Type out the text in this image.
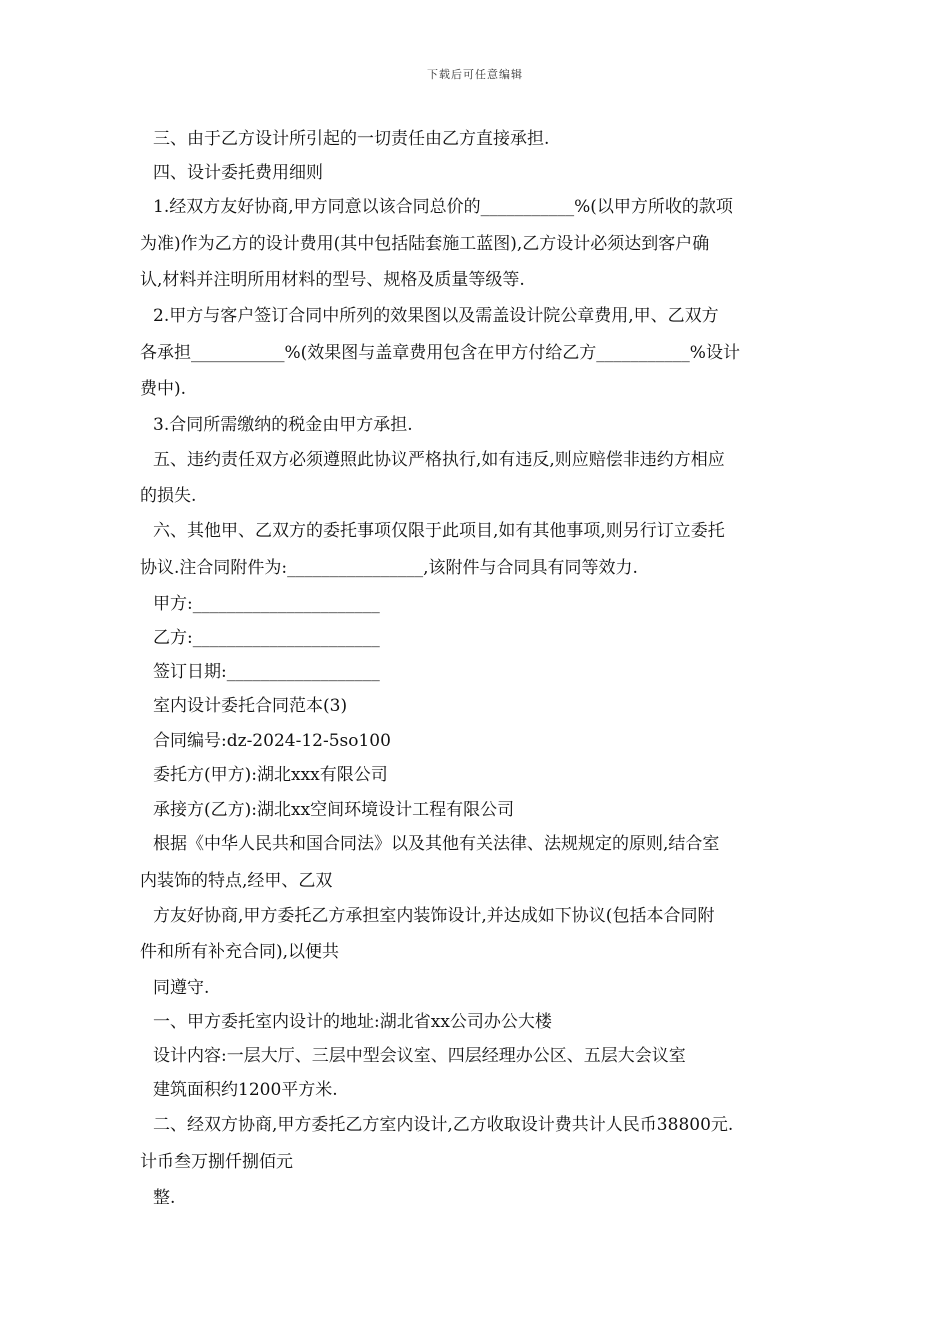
下载后可任意编辑
三、由于乙方设计所引起的一切责任由乙方直接承担.
四、设计委托费用细则
1.经双方友好协商,甲方同意以该合同总价的___________%(以甲方所收的款项
为准)作为乙方的设计费用(其中包括陆套施工蓝图),乙方设计必须达到客户确
认,材料并注明所用材料的型号、规格及质量等级等.
2.甲方与客户签订合同中所列的效果图以及需盖设计院公章费用,甲、乙双方
各承担___________%(效果图与盖章费用包含在甲方付给乙方___________%设计
费中).
3.合同所需缴纳的税金由甲方承担.
五、违约责任双方必须遵照此协议严格执行,如有违反,则应赔偿非违约方相应
的损失.
六、其他甲、乙双方的委托事项仅限于此项目,如有其他事项,则另行订立委托
协议.注合同附件为:________________,该附件与合同具有同等效力.
甲方:______________________
乙方:______________________
签订日期:__________________
室内设计委托合同范本(3)
合同编号:dz-2024-12-5so100
委托方(甲方):湖北xxx有限公司
承接方(乙方):湖北xx空间环境设计工程有限公司
根据《中华人民共和国合同法》以及其他有关法律、法规规定的原则,结合室
内装饰的特点,经甲、乙双
方友好协商,甲方委托乙方承担室内装饰设计,并达成如下协议(包括本合同附
件和所有补充合同),以便共
同遵守.
一、甲方委托室内设计的地址:湖北省xx公司办公大楼
设计内容:一层大厅、三层中型会议室、四层经理办公区、五层大会议室
建筑面积约1200平方米.
二、经双方协商,甲方委托乙方室内设计,乙方收取设计费共计人民币38800元.
计币叁万捌仟捌佰元
整.
